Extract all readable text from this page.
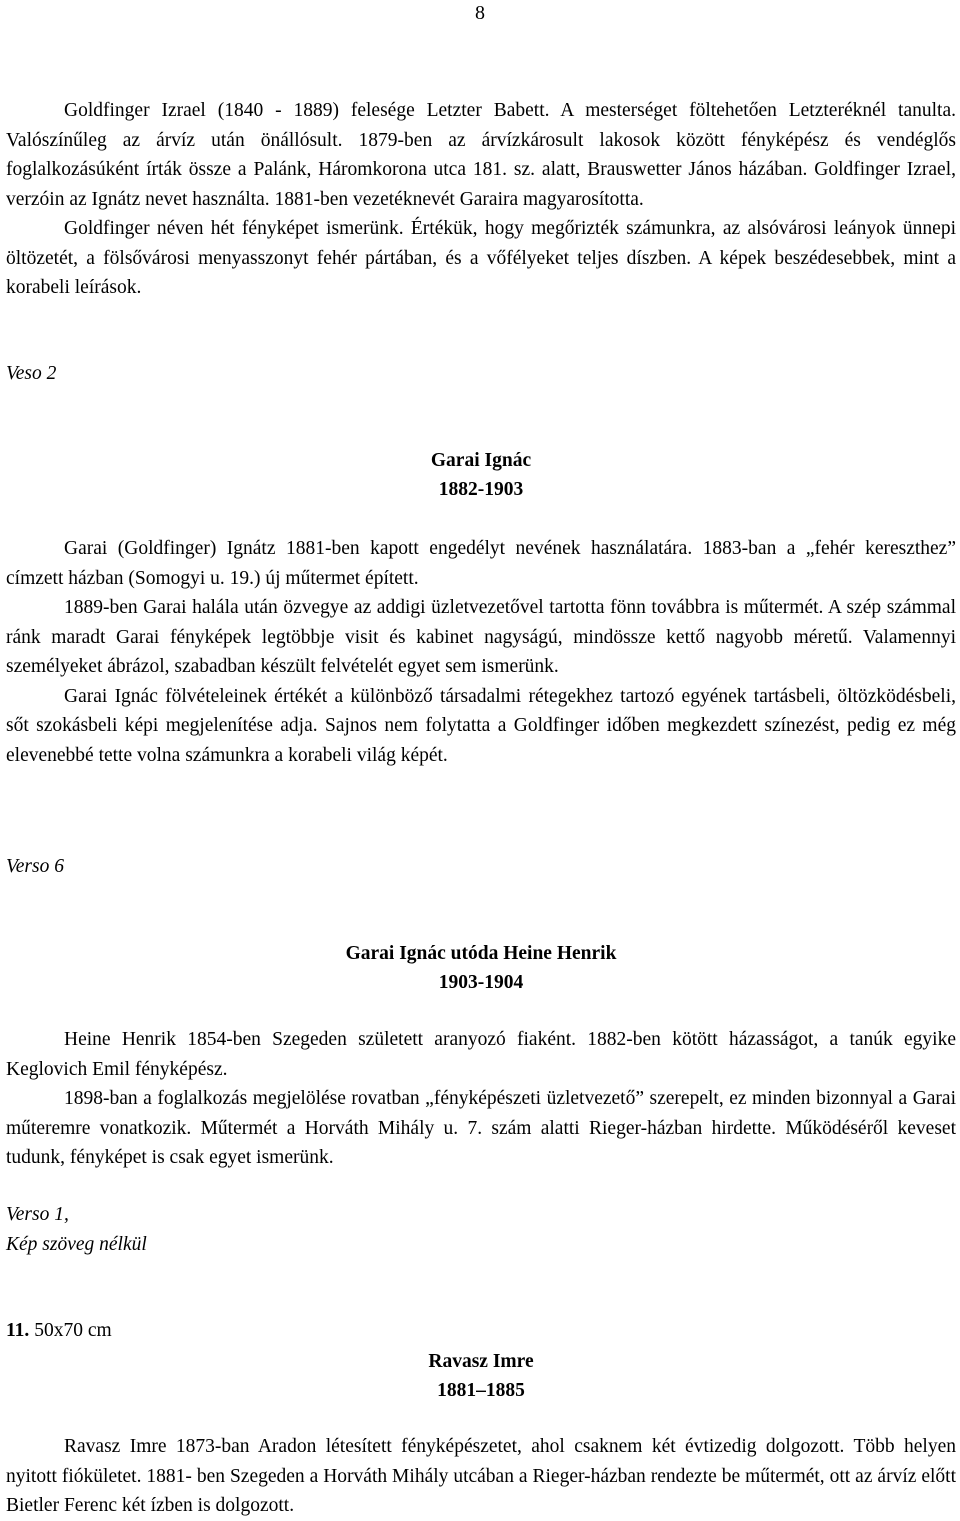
8

Goldfinger Izrael (1840 - 1889) felesége Letzter Babett. A mesterséget föltehetően Letzteréknél tanulta. Valószínűleg az árvíz után önállósult. 1879-ben az árvízkárosult lakosok között fényképész és vendéglős foglalkozásúként írták össze a Palánk, Háromkorona utca 181. sz. alatt, Brauswetter János házában. Goldfinger Izrael, verzóin az Ignátz nevet használta. 1881-ben vezetéknevét Garaira magyarosította.

Goldfinger néven hét fényképet ismerünk. Értékük, hogy megőrizték számunkra, az alsóvárosi leányok ünnepi öltözetét, a fölsővárosi menyasszonyt fehér pártában, és a vőfélyeket teljes díszben. A képek beszédesebbek, mint a korabeli leírások.

Veso 2

Garai Ignác
1882-1903

Garai (Goldfinger) Ignátz 1881-ben kapott engedélyt nevének használatára. 1883-ban a „fehér kereszthez” címzett házban (Somogyi u. 19.) új műtermet épített.

1889-ben Garai halála után özvegye az addigi üzletvezetővel tartotta fönn továbbra is műtermét. A szép számmal ránk maradt Garai fényképek legtöbbje visit és kabinet nagyságú, mindössze kettő nagyobb méretű. Valamennyi személyeket ábrázol, szabadban készült felvételét egyet sem ismerünk.

Garai Ignác fölvételeinek értékét a különböző társadalmi rétegekhez tartozó egyének tartásbeli, öltözködésbeli, sőt szokásbeli képi megjelenítése adja. Sajnos nem folytatta a Goldfinger időben megkezdett színezést, pedig ez még elevenebbé tette volna számunkra a korabeli világ képét.

Verso 6

Garai Ignác utóda Heine Henrik
1903-1904

Heine Henrik 1854-ben Szegeden született aranyozó fiaként. 1882-ben kötött házasságot, a tanúk egyike Keglovich Emil fényképész.

1898-ban a foglalkozás megjelölése rovatban „fényképészeti üzletvezető” szerepelt, ez minden bizonnyal a Garai műteremre vonatkozik. Műtermét a Horváth Mihály u. 7. szám alatti Rieger-házban hirdette. Működéséről keveset tudunk, fényképet is csak egyet ismerünk.

Verso 1,

Kép szöveg nélkül

11. 50x70 cm

Ravasz Imre
1881–1885

Ravasz Imre 1873-ban Aradon létesített fényképészetet, ahol csaknem két évtizedig dolgozott. Több helyen nyitott fiókületet. 1881- ben Szegeden a Horváth Mihály utcában a Rieger-házban rendezte be műtermét, ott az árvíz előtt Bietler Ferenc két ízben is dolgozott.
